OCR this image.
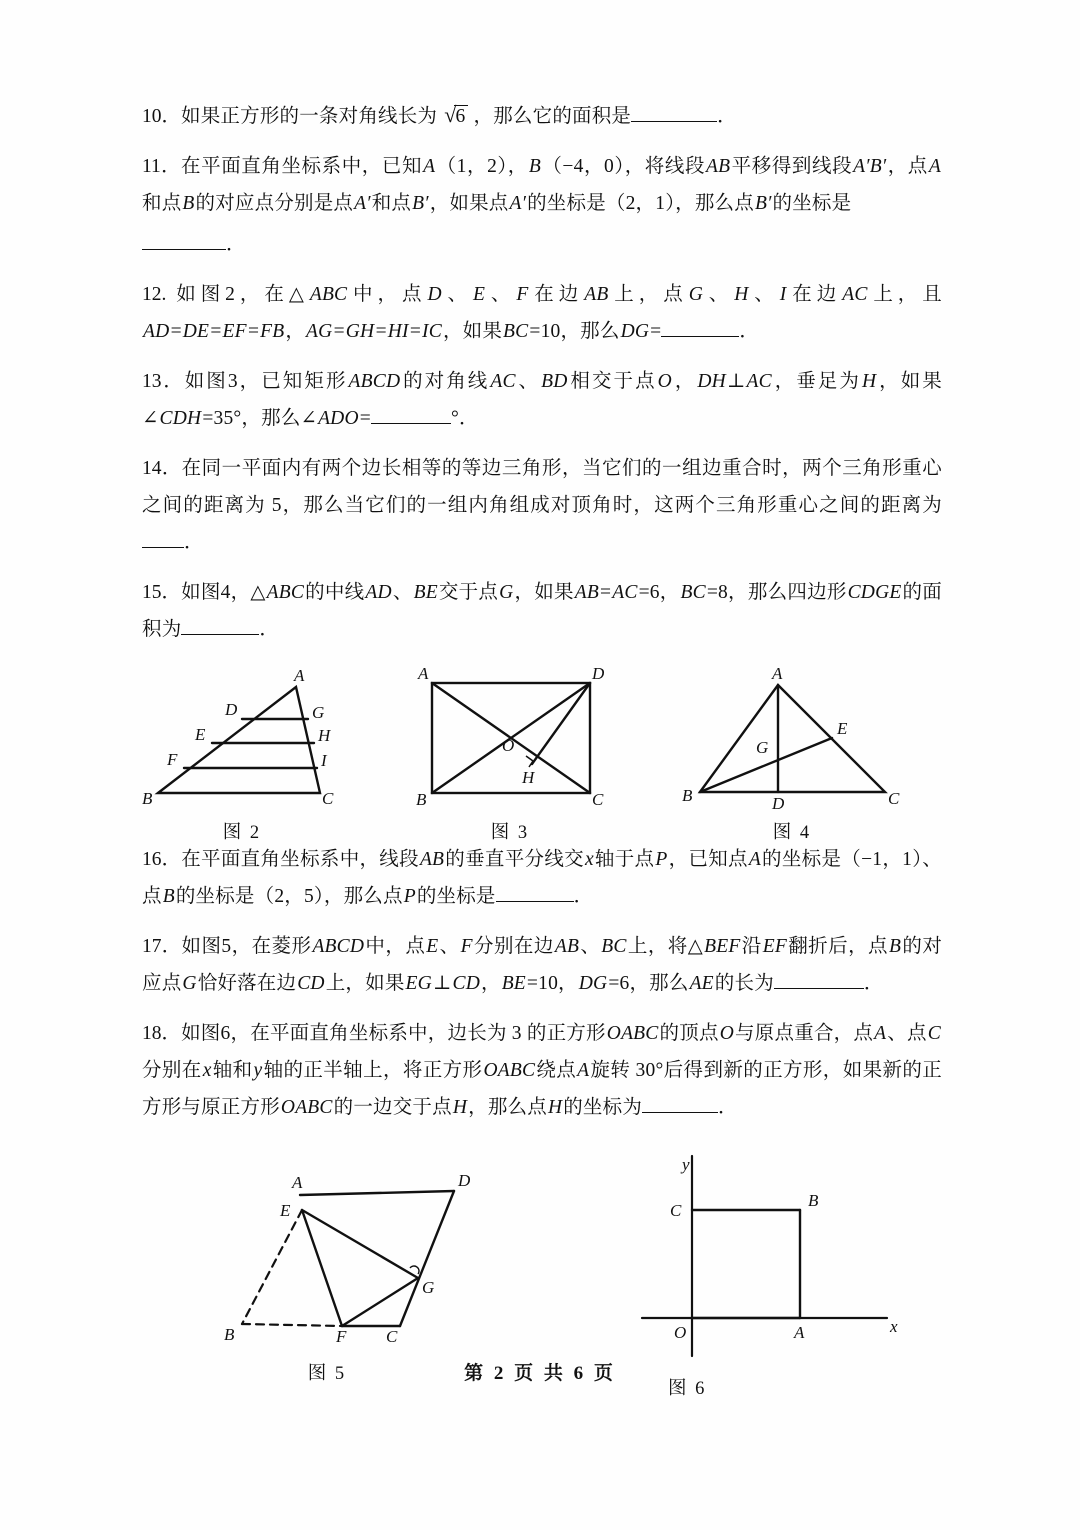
10．如果正方形的一条对角线长为 √6 ，那么它的面积是	．
11．在平面直角坐标系中，已知A（1，2），B（−4，0），将线段AB平移得到线段A′B′，点A和点B的对应点分别是点A′和点B′，如果点A′的坐标是（2，1），那么点B′的坐标是
．
12. 如图2，在△ABC中，点D、E、F在边AB上，点G、H、I在边AC上，且AD=DE=EF=FB，AG=GH=HI=IC，如果BC=10，那么DG=	．
13．如图3，已知矩形ABCD的对角线AC、BD相交于点O，DH⊥AC，垂足为H，如果∠CDH=35°，那么∠ADO=	°．
14．在同一平面内有两个边长相等的等边三角形，当它们的一组边重合时，两个三角形重心之间的距离为 5，那么当它们的一组内角组成对顶角时，这两个三角形重心之间的距离为．
15．如图4，△ABC的中线AD、BE交于点G，如果AB=AC=6，BC=8，那么四边形CDGE的面积为	．
A
D	G
E	H
F	I
B	C
图 2
A	D
O
H
B	C
图 3
A
E
G
B	D	C
图 4
16．在平面直角坐标系中，线段AB的垂直平分线交x轴于点P，已知点A的坐标是（−1，1）、点B的坐标是（2，5），那么点P的坐标是	．
17．如图5，在菱形ABCD中，点E、F分别在边AB、BC上，将△BEF沿EF翻折后，点B的对应点G恰好落在边CD上，如果EG⊥CD，BE=10，DG=6，那么AE的长为	．
18．如图6，在平面直角坐标系中，边长为 3 的正方形OABC的顶点O与原点重合，点A、点C分别在x轴和y轴的正半轴上，将正方形OABC绕点A旋转 30°后得到新的正方形，如果新的正方形与原正方形OABC的一边交于点H，那么点H的坐标为	．
A	D
E
G
B	F C
图 5
y
C
B
O	A	x
图 6
第 2 页 共 6 页
